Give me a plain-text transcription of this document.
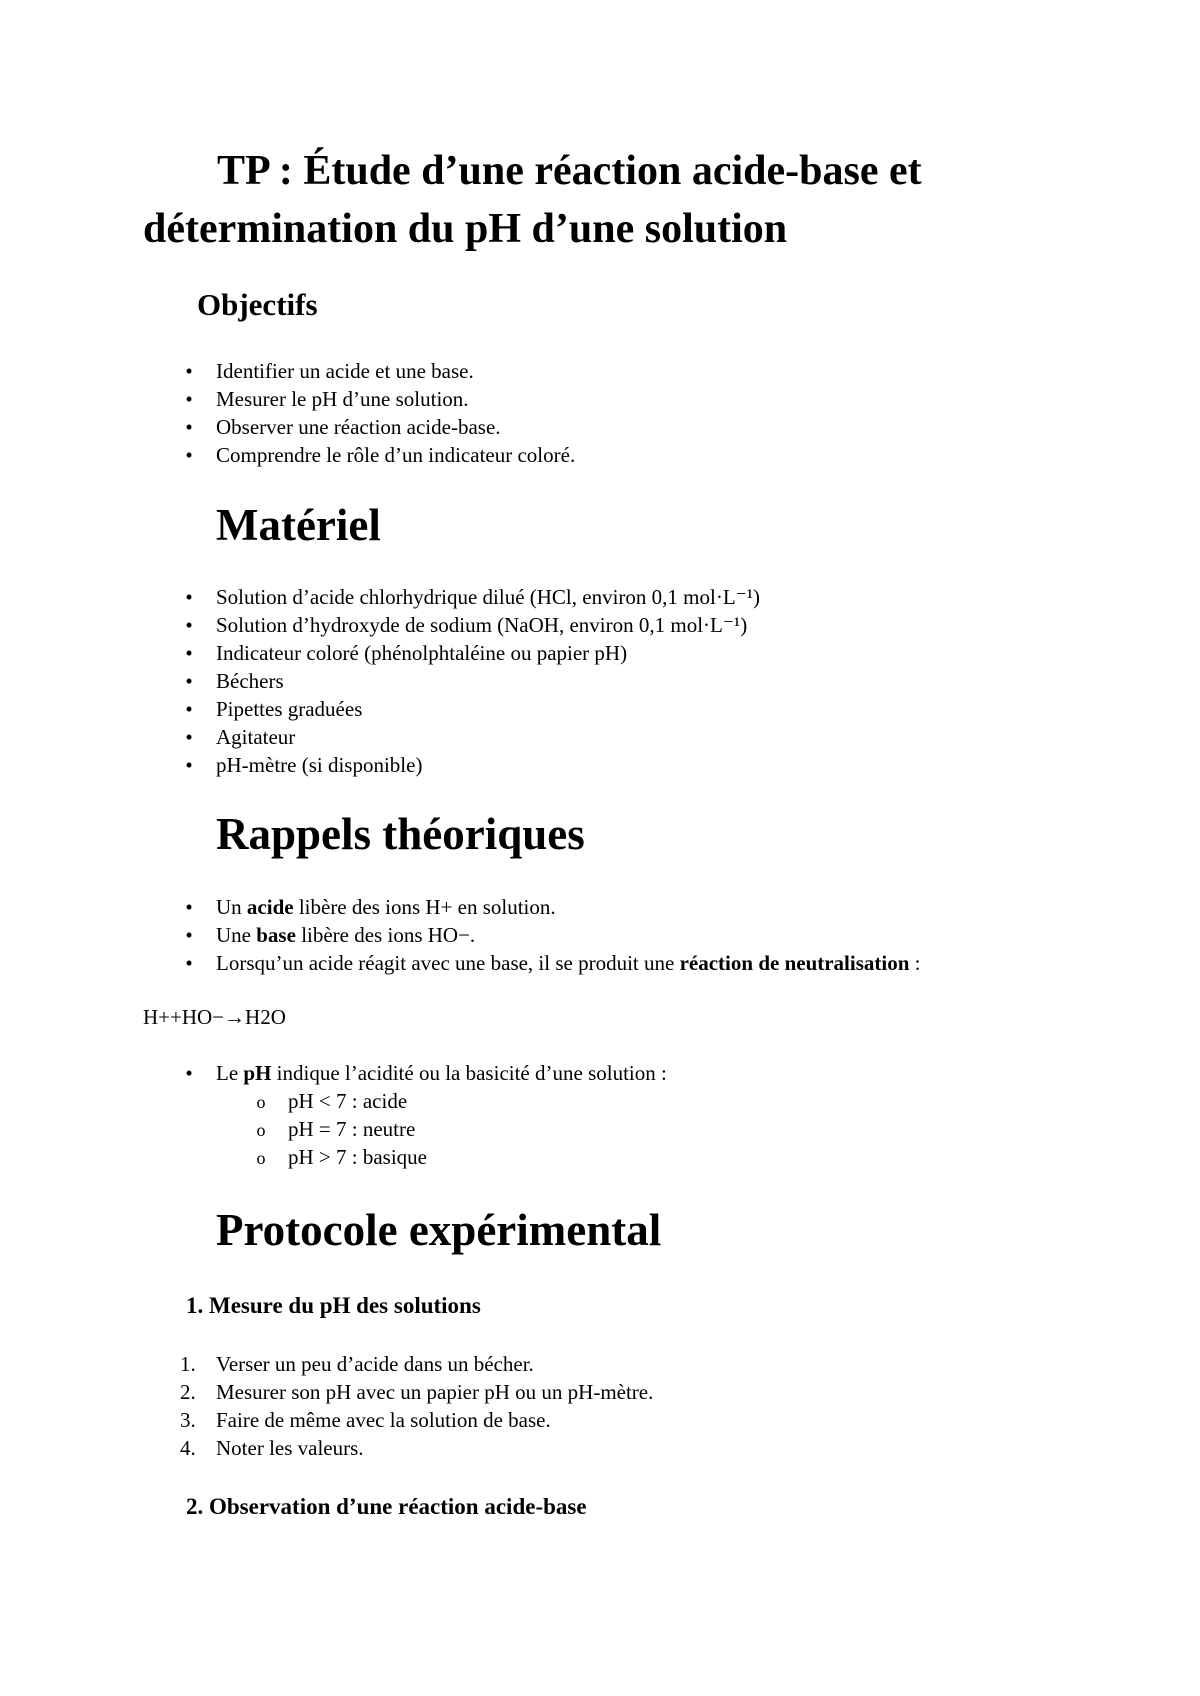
TP : Étude d’une réaction acide-base et détermination du pH d’une solution
Objectifs
• Identifier un acide et une base.
• Mesurer le pH d’une solution.
• Observer une réaction acide-base.
• Comprendre le rôle d’un indicateur coloré.
Matériel
• Solution d’acide chlorhydrique dilué (HCl, environ 0,1 mol·L⁻¹)
• Solution d’hydroxyde de sodium (NaOH, environ 0,1 mol·L⁻¹)
• Indicateur coloré (phénolphtaléine ou papier pH)
• Béchers
• Pipettes graduées
• Agitateur
• pH-mètre (si disponible)
Rappels théoriques
• Un acide libère des ions H+ en solution.
• Une base libère des ions HO−.
• Lorsqu’un acide réagit avec une base, il se produit une réaction de neutralisation :

H++HO−→H2O

• Le pH indique l’acidité ou la basicité d’une solution :
o pH < 7 : acide
o pH = 7 : neutre
o pH > 7 : basique
Protocole expérimental
1. Mesure du pH des solutions
1. Verser un peu d’acide dans un bécher.
2. Mesurer son pH avec un papier pH ou un pH-mètre.
3. Faire de même avec la solution de base.
4. Noter les valeurs.
2. Observation d’une réaction acide-base
